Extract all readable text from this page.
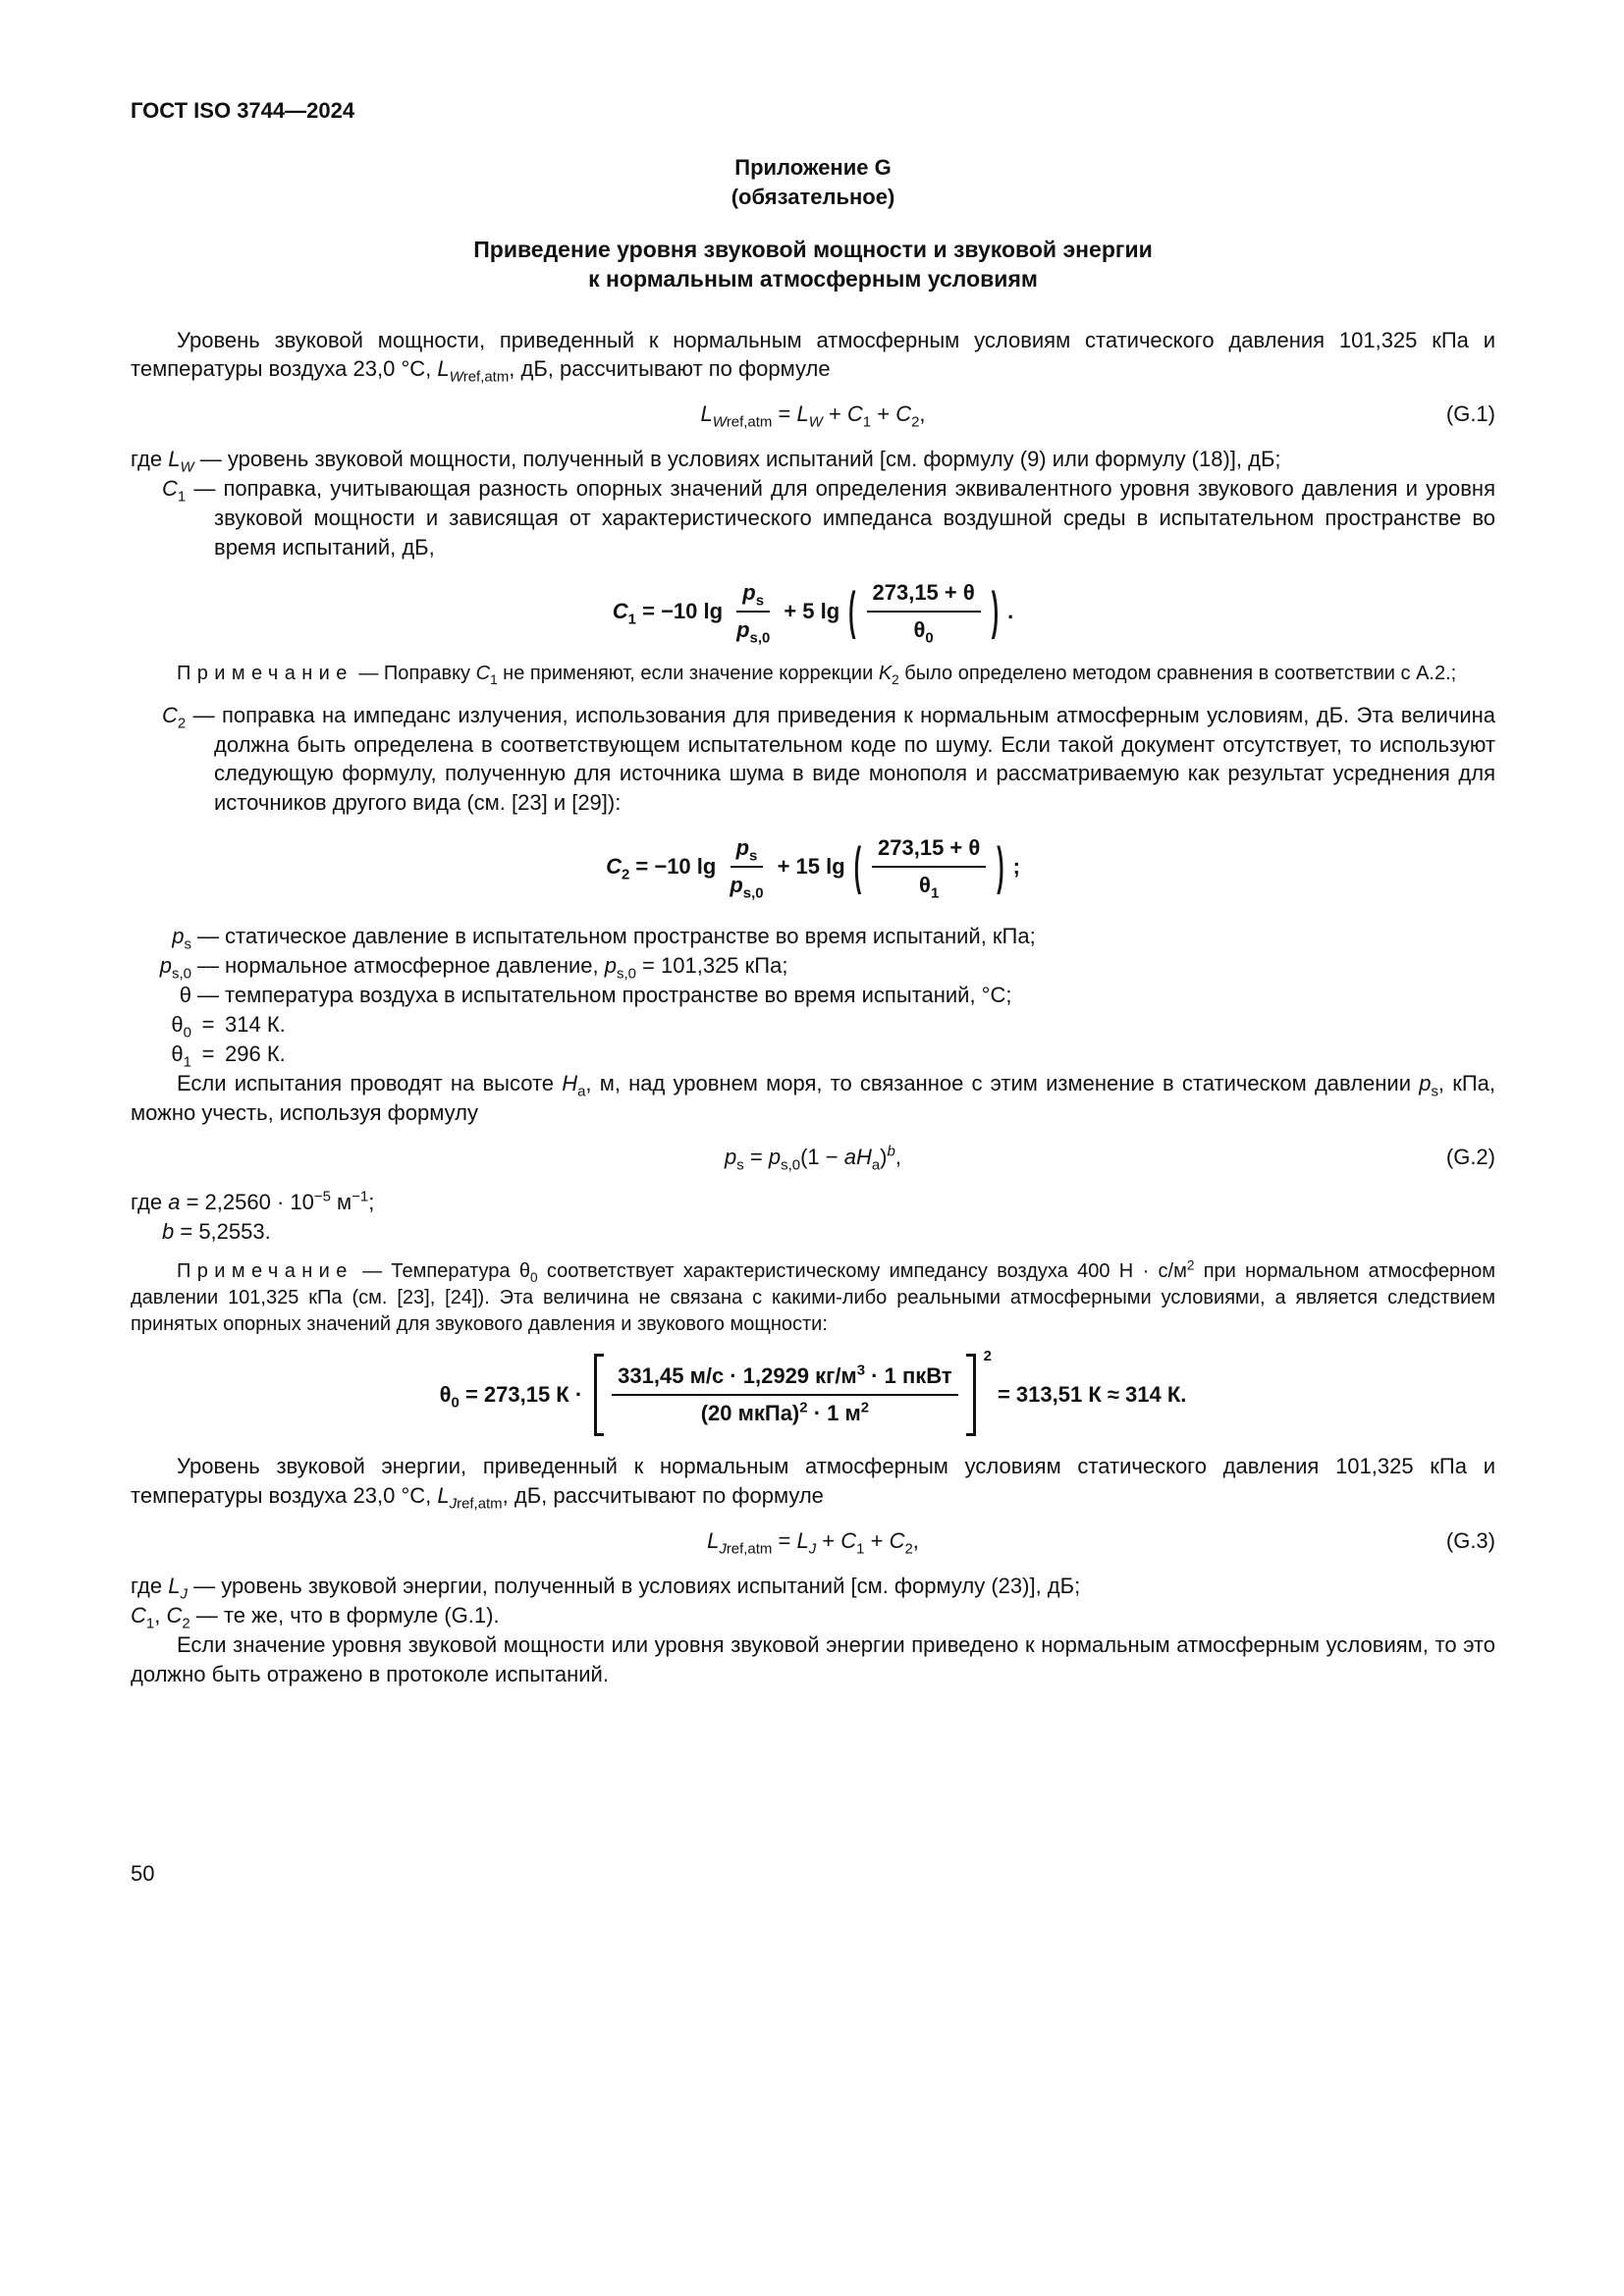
ГОСТ ISO 3744—2024
Приложение G
(обязательное)
Приведение уровня звуковой мощности и звуковой энергии
к нормальным атмосферным условиям

Уровень звуковой мощности, приведенный к нормальным атмосферным условиям статического давления 101,325 кПа и температуры воздуха 23,0 °С, $L_{Wref,atm}$, дБ, рассчитывают по формуле

$L_{Wref,atm} = L_W + C_1 + C_2$,	(G.1)

где $L_W$ — уровень звуковой мощности, полученный в условиях испытаний [см. формулу (9) или формулу (18)], дБ;

$C_1$ — поправка, учитывающая разность опорных значений для определения эквивалентного уровня звукового давления и уровня звуковой мощности и зависящая от характеристического импеданса воздушной среды в испытательном пространстве во время испытаний, дБ,

$C_1 = -10$ $\lg \frac{p_s}{p_{s,0}} + 5$ lg ( $\frac{273,15 + \theta}{\theta_0}$ ) .

Примечание — Поправку $C_1$ не применяют, если значение коррекции $K_2$ было определено методом сравнения в соответствии с А.2.;

$C_2$ — поправка на импеданс излучения, использования для приведения к нормальным атмосферным условиям, дБ. Эта величина должна быть определена в соответствующем испытательном коде по шуму. Если такой документ отсутствует, то используют следующую формулу, полученную для источника шума в виде монополя и рассматриваемую как результат усреднения для источников другого вида (см. [23] и [29]):

$C_2 = -10$ $\lg \frac{p_s}{p_{s,0}} + 15$ lg ( $\frac{273,15 + \theta}{\theta_1}$ ) ;
$p_s$ — статическое давление в испытательном пространстве во время испытаний, кПа;
$p_{s,0}$ — нормальное атмосферное давление, $p_{s,0} = 101,325$ кПа;
θ — температура воздуха в испытательном пространстве во время испытаний, °С;
$\theta_0 = 314$ К.
$\theta_1 = 296$ К.

Если испытания проводят на высоте $H_a$, м, над уровнем моря, то связанное с этим изменение в статическом давлении $p_s$, кПа, можно учесть, используя формулу

$p_s = p_{s,0}(1 - aH_a)^b$,	(G.2)

где $a = 2,2560 \cdot 10^{-5}$ $м^{-1}$;

b = 5,2553.

Примечание — Температура $\theta_0$ соответствует характеристическому импедансу воздуха 400 $Н \cdot с/м^2$ при нормальном атмосферном давлении 101,325 кПа (см. [23], [24]). Эта величина не связана с какими-либо реальными атмосферными условиями, а является следствием принятых опорных значений для звукового давления и звукового мощности:

$\theta_0 = 273,15$ $К \cdot \frac{331,45 м/с \cdot 1,2929 кг/м^3 \cdot 1 пкВт}{(20 мкПа)^2 \cdot 1 м^2}$
2
= 313,51 К ≈ 314 К.

Уровень звуковой энергии, приведенный к нормальным атмосферным условиям статического давления 101,325 кПа и температуры воздуха 23,0 °С, $L_{Jref,atm}$, дБ, рассчитывают по формуле

$L_{Jref,atm} = L_J + C_1 + C_2$,	(G.3)

где $L_J$ — уровень звуковой энергии, полученный в условиях испытаний [см. формулу (23)], дБ;

$C_1$, $C_2$ — те же, что в формуле (G.1).

Если значение уровня звуковой мощности или уровня звуковой энергии приведено к нормальным атмосферным условиям, то это должно быть отражено в протоколе испытаний.

50
